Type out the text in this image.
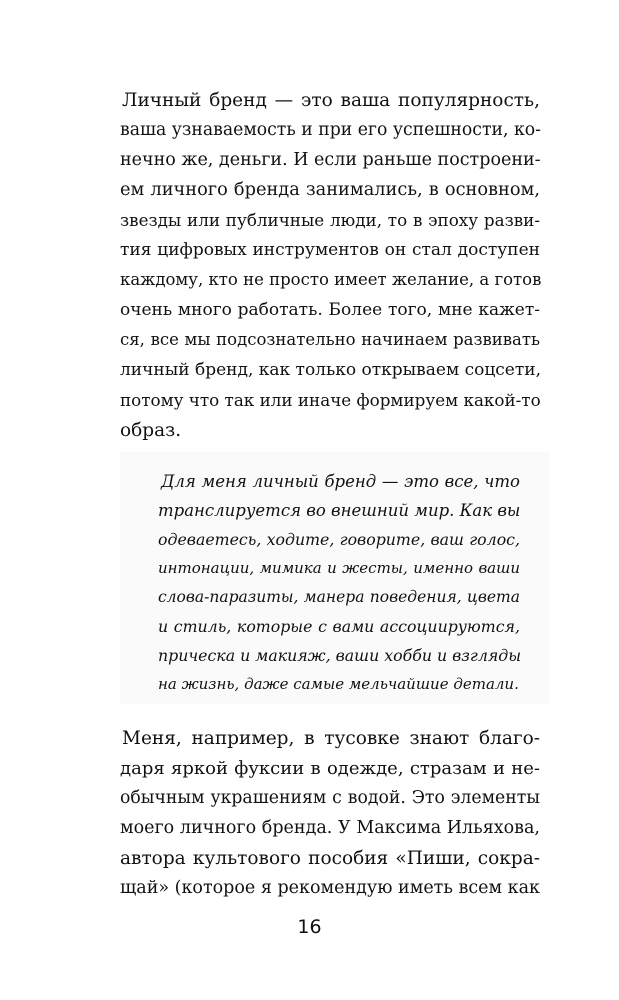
Личный бренд — это ваша популярность,

ваша узнаваемость и при его успешности, ко-

нечно же, деньги. И если раньше построени-

ем личного бренда занимались, в основном,

звезды или публичные люди, то в эпоху разви-

тия цифровых инструментов он стал доступен

каждому, кто не просто имеет желание, а готов

очень много работать. Более того, мне кажет-

ся, все мы подсознательно начинаем развивать

личный бренд, как только открываем соцсети,

потому что так или иначе формируем какой-то

образ.

Для меня личный бренд — это все, что

транслируется во внешний мир. Как вы

одеваетесь, ходите, говорите, ваш голос,

интонации, мимика и жесты, именно ваши

слова-паразиты, манера поведения, цвета

и стиль, которые с вами ассоциируются,

прическа и макияж, ваши хобби и взгляды

на жизнь, даже самые мельчайшие детали.

Меня, например, в тусовке знают благо-

даря яркой фуксии в одежде, стразам и не-

обычным украшениям с водой. Это элементы

моего личного бренда. У Максима Ильяхова,

автора культового пособия «Пиши, сокра-

щай» (которое я рекомендую иметь всем как

16
